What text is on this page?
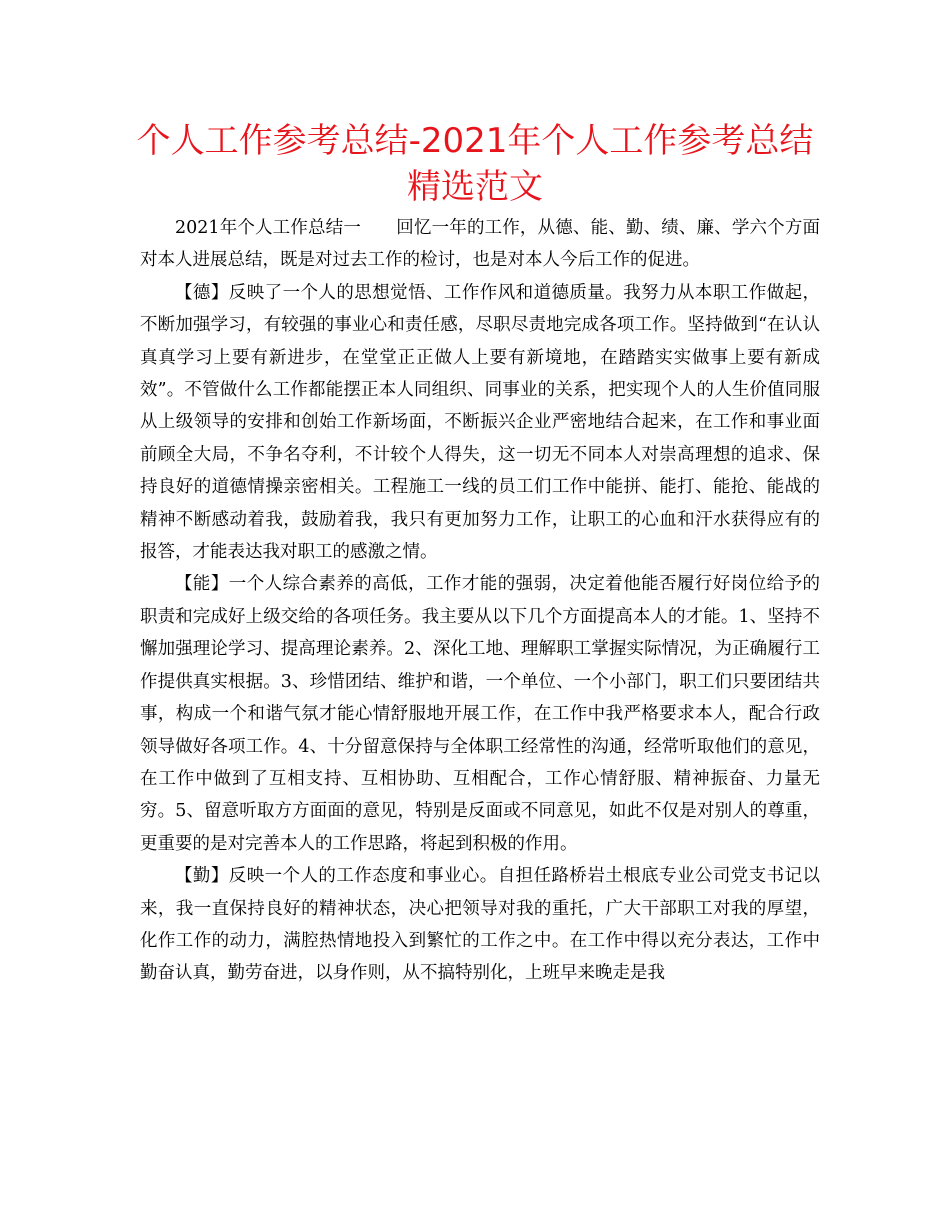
个人工作参考总结-2021年个人工作参考总结精选范文

2021年个人工作总结一　　回忆一年的工作，从德、能、勤、绩、廉、学六个方面对本人进展总结，既是对过去工作的检讨，也是对本人今后工作的促进。

【德】反映了一个人的思想觉悟、工作作风和道德质量。我努力从本职工作做起，不断加强学习，有较强的事业心和责任感，尽职尽责地完成各项工作。坚持做到“在认认真真学习上要有新进步，在堂堂正正做人上要有新境地，在踏踏实实做事上要有新成效”。不管做什么工作都能摆正本人同组织、同事业的关系，把实现个人的人生价值同服从上级领导的安排和创始工作新场面，不断振兴企业严密地结合起来，在工作和事业面前顾全大局，不争名夺利，不计较个人得失，这一切无不同本人对崇高理想的追求、保持良好的道德情操亲密相关。工程施工一线的员工们工作中能拼、能打、能抢、能战的精神不断感动着我，鼓励着我，我只有更加努力工作，让职工的心血和汗水获得应有的报答，才能表达我对职工的感激之情。

【能】一个人综合素养的高低，工作才能的强弱，决定着他能否履行好岗位给予的职责和完成好上级交给的各项任务。我主要从以下几个方面提高本人的才能。1、坚持不懈加强理论学习、提高理论素养。2、深化工地、理解职工掌握实际情况，为正确履行工作提供真实根据。3、珍惜团结、维护和谐，一个单位、一个小部门，职工们只要团结共事，构成一个和谐气氛才能心情舒服地开展工作，在工作中我严格要求本人，配合行政领导做好各项工作。4、十分留意保持与全体职工经常性的沟通，经常听取他们的意见，在工作中做到了互相支持、互相协助、互相配合，工作心情舒服、精神振奋、力量无穷。5、留意听取方方面面的意见，特别是反面或不同意见，如此不仅是对别人的尊重，更重要的是对完善本人的工作思路，将起到积极的作用。

【勤】反映一个人的工作态度和事业心。自担任路桥岩土根底专业公司党支书记以来，我一直保持良好的精神状态，决心把领导对我的重托，广大干部职工对我的厚望，化作工作的动力，满腔热情地投入到繁忙的工作之中。在工作中得以充分表达，工作中勤奋认真，勤劳奋进，以身作则，从不搞特别化，上班早来晚走是我
